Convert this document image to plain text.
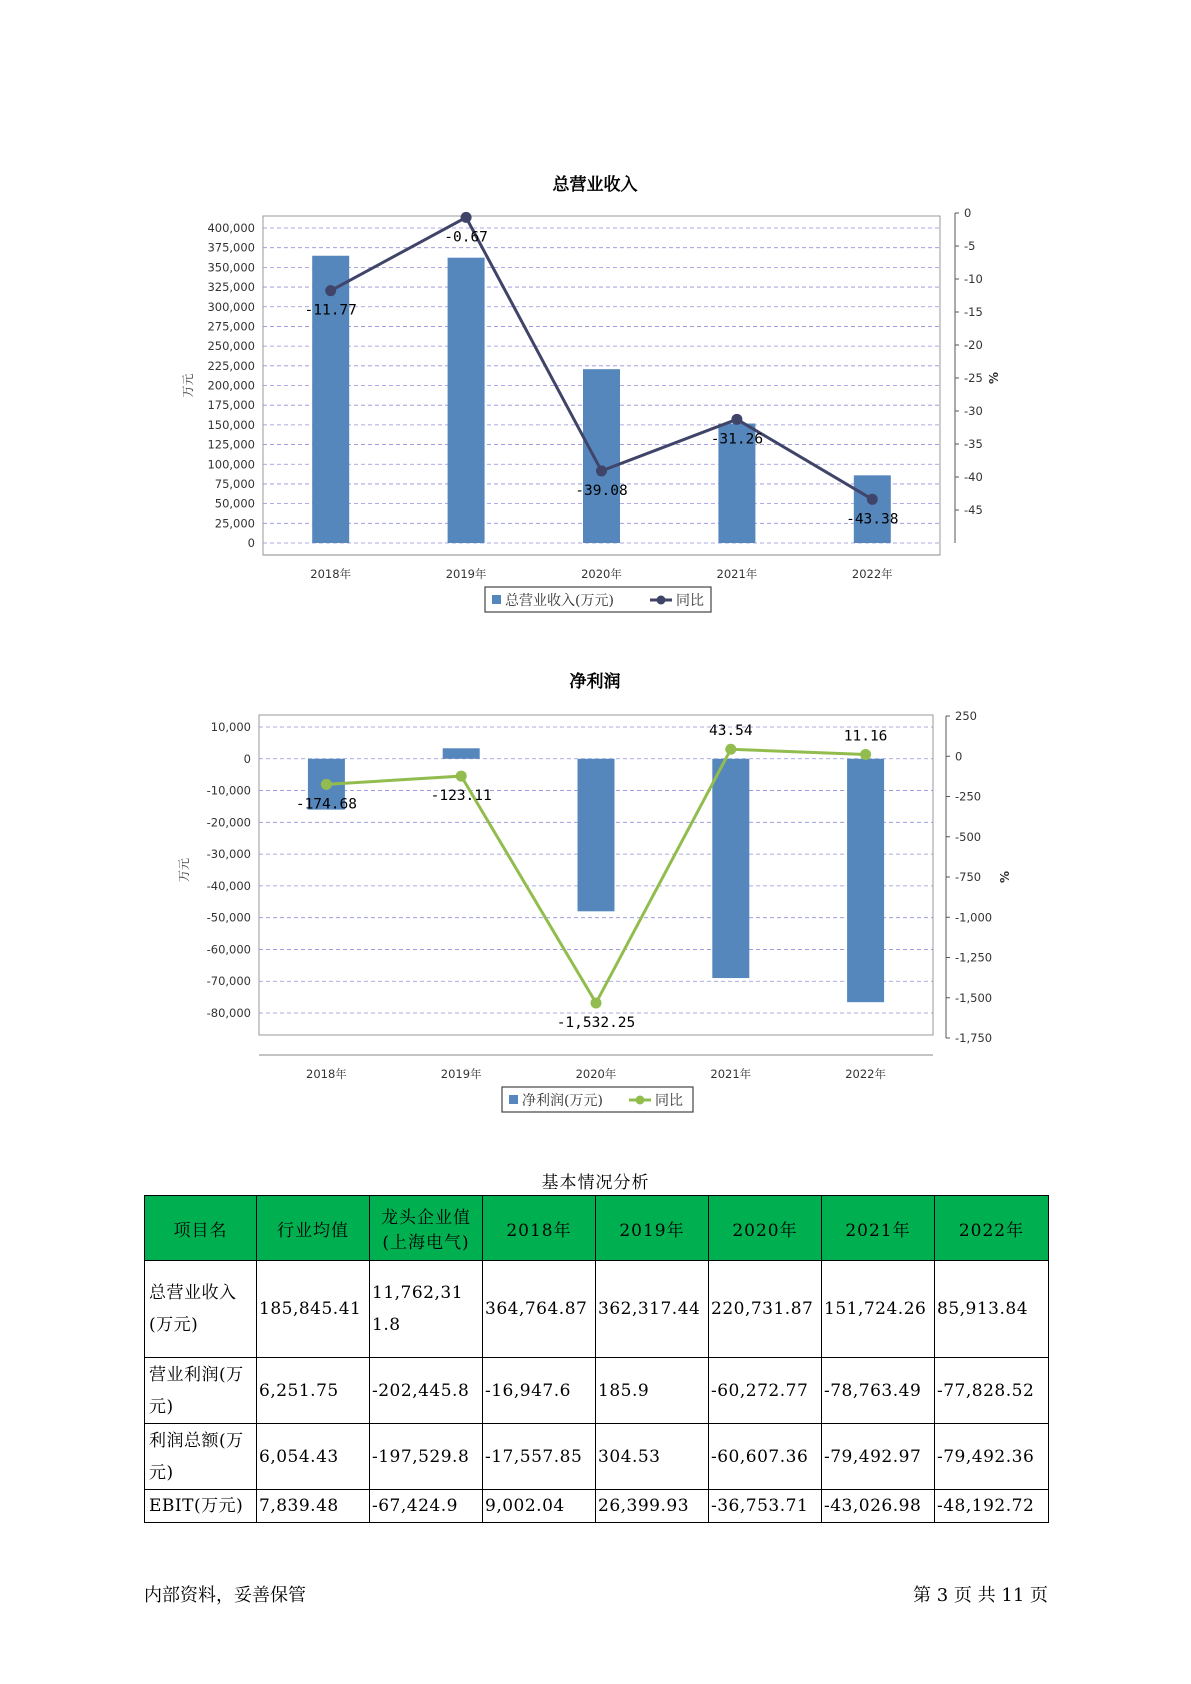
总营业收入
0
25,000
50,000
75,000
100,000
125,000
150,000
175,000
200,000
225,000
250,000
275,000
300,000
325,000
350,000
375,000
400,000
万元
0
-5
-10
-15
-20
-25
-30
-35
-40
-45
%
2018年	2019年	2020年	2021年	2022年
-11.77
-0.67
-39.08
-31.26
-43.38
总营业收入(万元)	同比
净利润
10,000
0
-10,000
-20,000
-30,000
-40,000
-50,000
-60,000
-70,000
-80,000
万元
250
0
-250
-500
-750
-1,000
-1,250
-1,500
-1,750
%
2018年	2019年	2020年	2021年	2022年
-174.68
-123.11
-1,532.25
43.54	11.16
净利润(万元)	同比
基本情况分析
项目名	行业均值	龙头企业值(上海电气)	2018年	2019年	2020年	2021年	2022年
总营业收入(万元)	185,845.41	11,762,311.8	364,764.87	362,317.44	220,731.87	151,724.26	85,913.84
营业利润(万元)	6,251.75	-202,445.8	-16,947.6	185.9	-60,272.77	-78,763.49	-77,828.52
利润总额(万元)	6,054.43	-197,529.8	-17,557.85	304.53	-60,607.36	-79,492.97	-79,492.36
EBIT(万元)	7,839.48	-67,424.9	9,002.04	26,399.93	-36,753.71	-43,026.98	-48,192.72
内部资料，妥善保管	第 3 页 共 11 页
